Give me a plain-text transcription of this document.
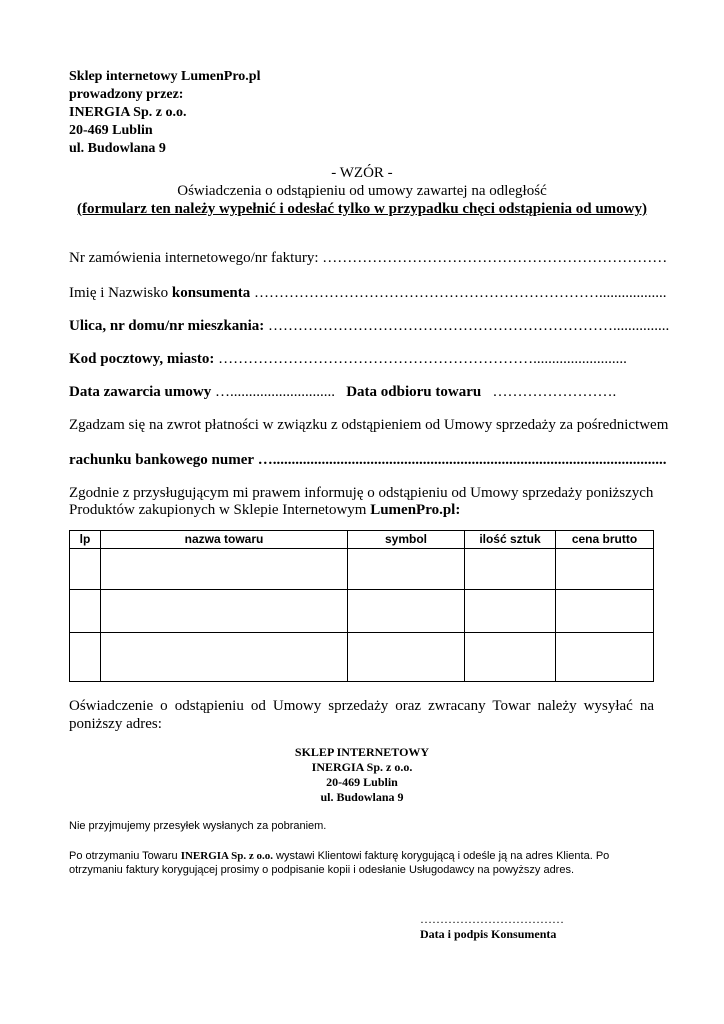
Sklep internetowy LumenPro.pl
prowadzony przez:
INERGIA Sp. z o.o.
20-469 Lublin
ul. Budowlana 9
- WZÓR -
Oświadczenia o odstąpieniu od umowy zawartej na odległość
(formularz ten należy wypełnić i odesłać tylko w przypadku chęci odstąpienia od umowy)
Nr zamówienia internetowego/nr faktury: ……………………………………………………………
Imię i Nazwisko konsumenta ……………………………………………………………..................
Ulica, nr domu/nr mieszkania: ……………………………………………………………...............
Kod pocztowy, miasto: ……………………………………………………….........................
Data zawarcia umowy …............................ Data odbioru towaru …………………….
Zgadzam się na zwrot płatności w związku z odstąpieniem od Umowy sprzedaży za pośrednictwem
rachunku bankowego numer ….........................................................................................................
Zgodnie z przysługującym mi prawem informuję o odstąpieniu od Umowy sprzedaży poniższych
Produktów zakupionych w Sklepie Internetowym LumenPro.pl:
lp	nazwa towaru	symbol	ilość sztuk	cena brutto

Oświadczenie o odstąpieniu od Umowy sprzedaży oraz zwracany Towar należy wysyłać na poniższy adres:
SKLEP INTERNETOWY
INERGIA Sp. z o.o.
20-469 Lublin
ul. Budowlana 9
Nie przyjmujemy przesyłek wysłanych za pobraniem.
Po otrzymaniu Towaru INERGIA Sp. z o.o. wystawi Klientowi fakturę korygującą i odeśle ją na adres Klienta. Po otrzymaniu faktury korygującej prosimy o podpisanie kopii i odesłanie Usługodawcy na powyższy adres.
………………………………
Data i podpis Konsumenta
